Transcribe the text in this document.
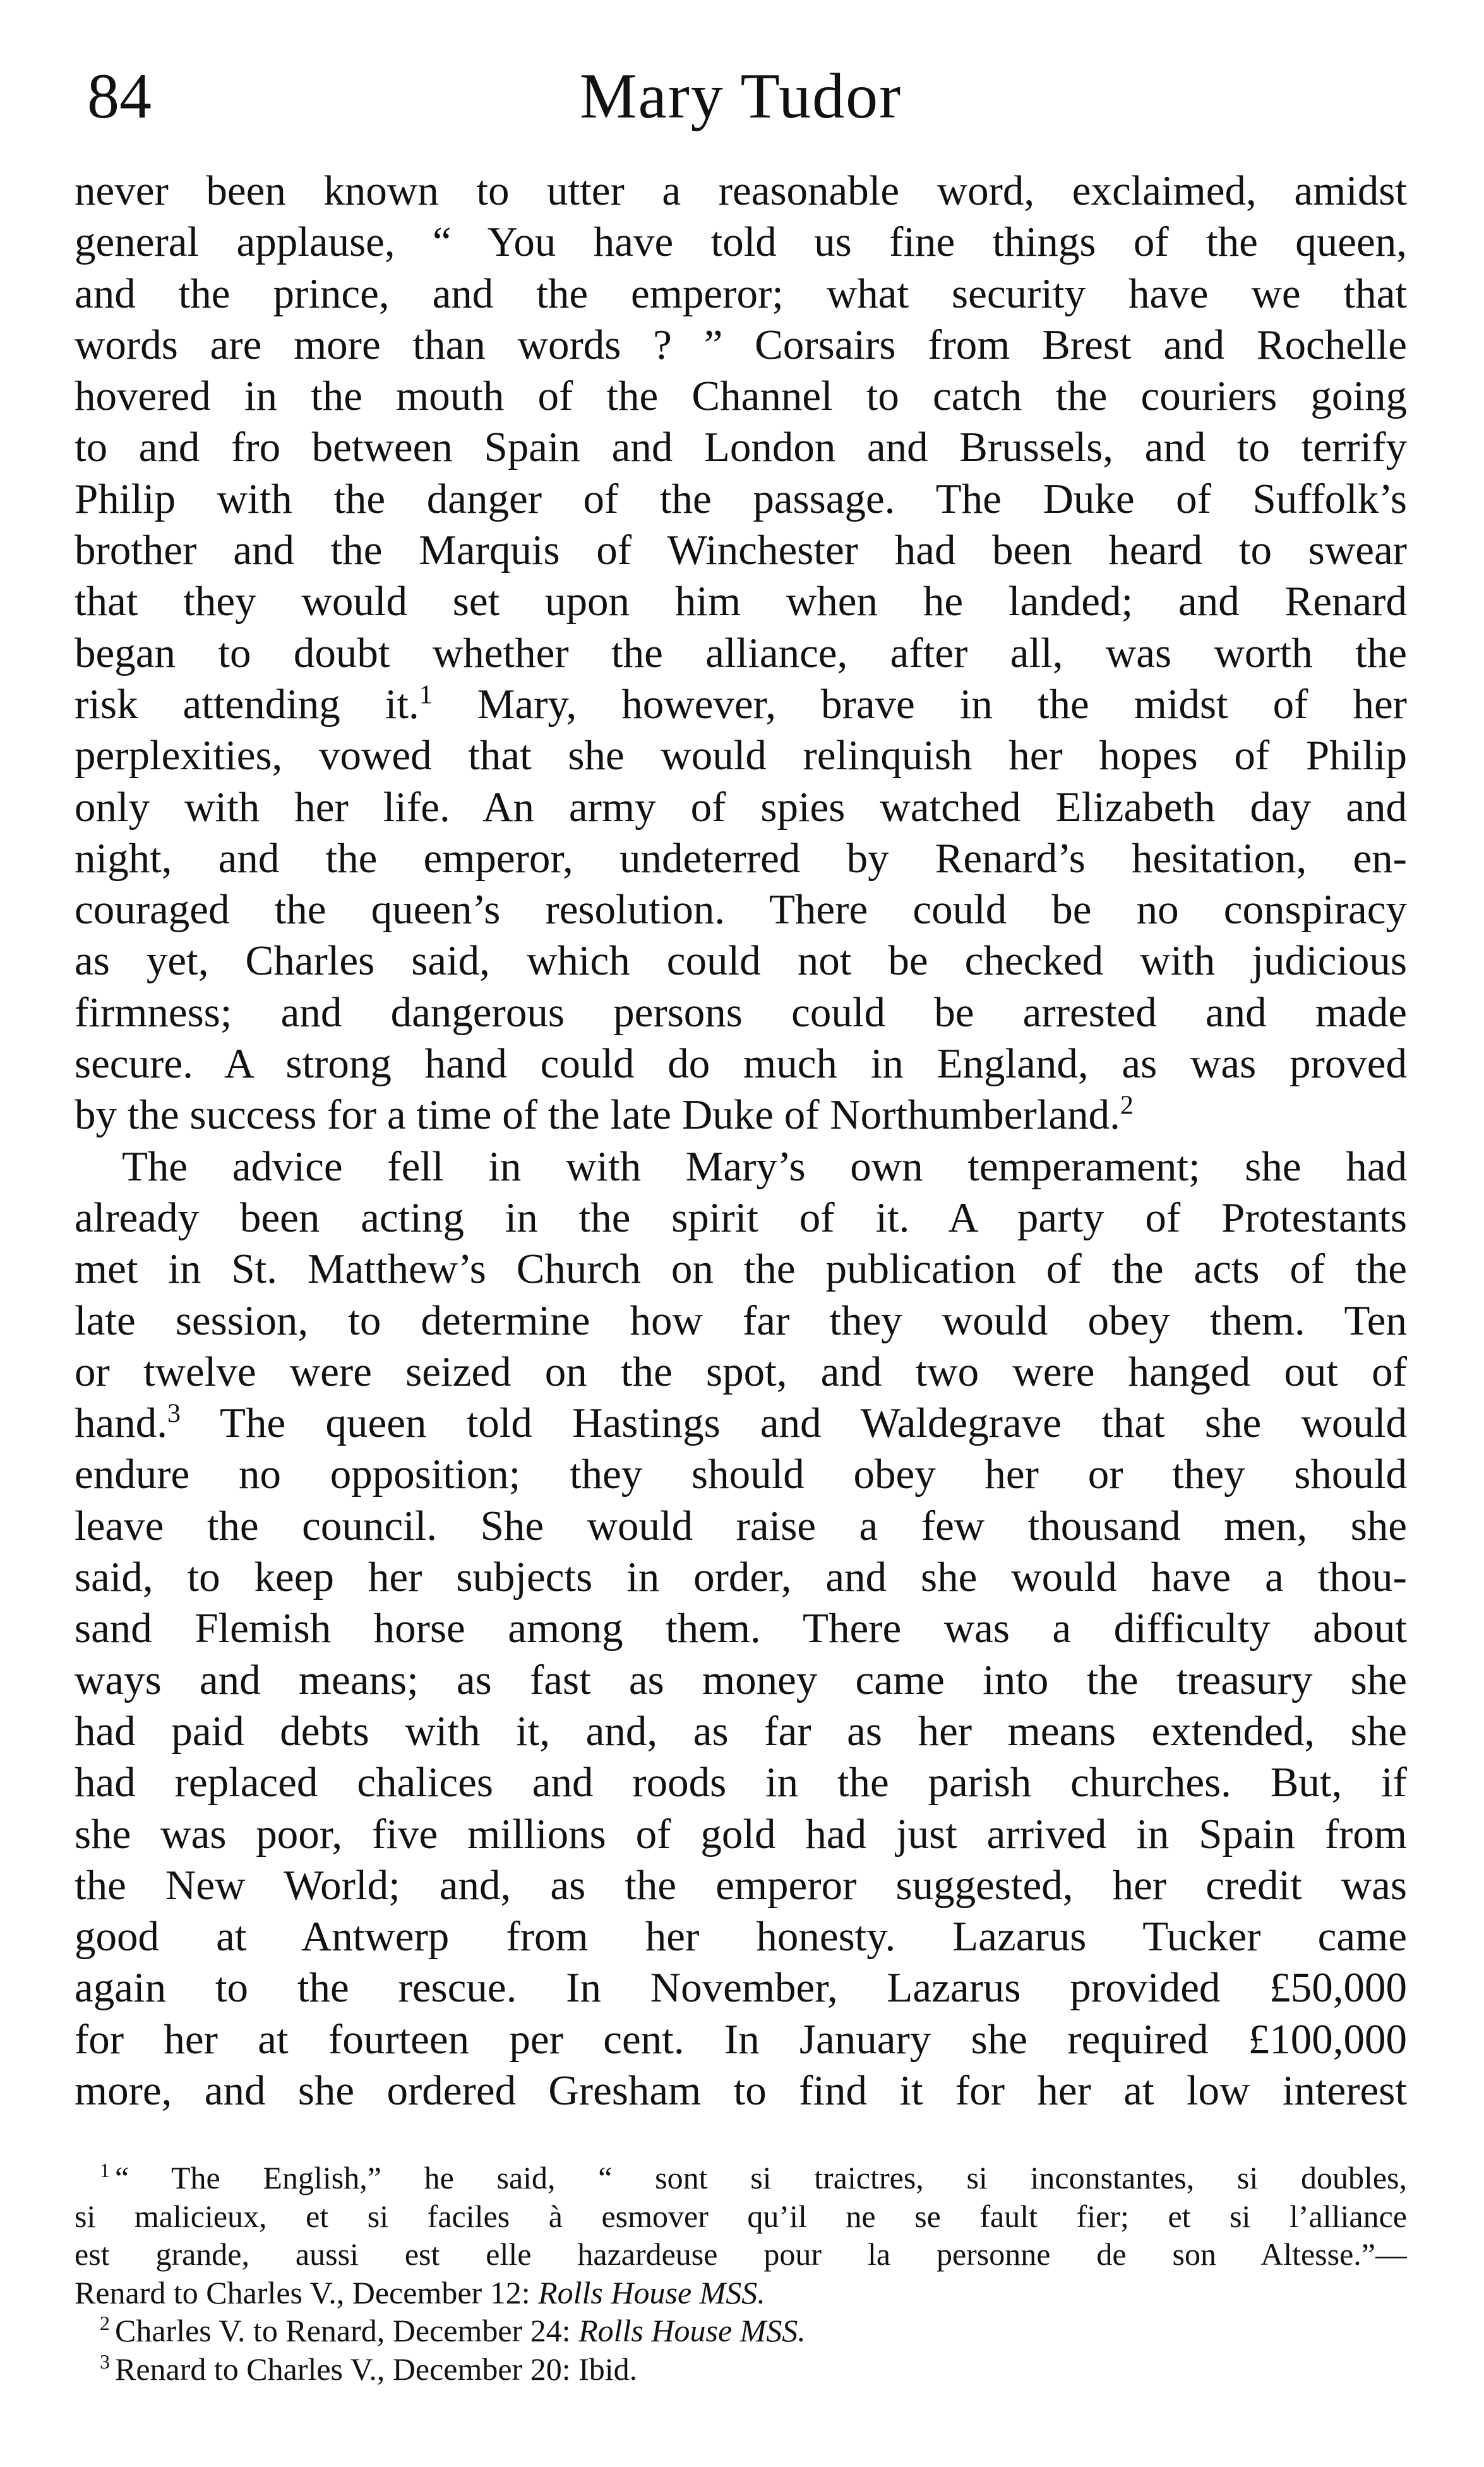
84	Mary Tudor
never been known to utter a reasonable word, exclaimed, amidst
general applause, “ You have told us fine things of the queen,
and the prince, and the emperor; what security have we that
words are more than words ? ” Corsairs from Brest and Rochelle
hovered in the mouth of the Channel to catch the couriers going
to and fro between Spain and London and Brussels, and to terrify
Philip with the danger of the passage. The Duke of Suffolk’s
brother and the Marquis of Winchester had been heard to swear
that they would set upon him when he landed; and Renard
began to doubt whether the alliance, after all, was worth the
risk attending it.$^1$ Mary, however, brave in the midst of her
perplexities, vowed that she would relinquish her hopes of Philip
only with her life. An army of spies watched Elizabeth day and
night, and the emperor, undeterred by Renard’s hesitation, en-
couraged the queen’s resolution. There could be no conspiracy
as yet, Charles said, which could not be checked with judicious
firmness; and dangerous persons could be arrested and made
secure. A strong hand could do much in England, as was proved
by the success for a time of the late Duke of Northumberland.$^2$
The advice fell in with Mary’s own temperament; she had
already been acting in the spirit of it. A party of Protestants
met in St. Matthew’s Church on the publication of the acts of the
late session, to determine how far they would obey them. Ten
or twelve were seized on the spot, and two were hanged out of
hand.$^3$ The queen told Hastings and Waldegrave that she would
endure no opposition; they should obey her or they should
leave the council. She would raise a few thousand men, she
said, to keep her subjects in order, and she would have a thou-
sand Flemish horse among them. There was a difficulty about
ways and means; as fast as money came into the treasury she
had paid debts with it, and, as far as her means extended, she
had replaced chalices and roods in the parish churches. But, if
she was poor, five millions of gold had just arrived in Spain from
the New World; and, as the emperor suggested, her credit was
good at Antwerp from her honesty. Lazarus Tucker came
again to the rescue. In November, Lazarus provided £50,000
for her at fourteen per cent. In January she required £100,000
more, and she ordered Gresham to find it for her at low interest
$^1$ “ The English,” he said, “ sont si traictres, si inconstantes, si doubles,
si malicieux, et si faciles à esmover qu’il ne se fault fier; et si l’alliance
est grande, aussi est elle hazardeuse pour la personne de son Altesse.”—
Renard to Charles V., December 12: Rolls House MSS.
$^2$ Charles V. to Renard, December 24: Rolls House MSS.
$^3$ Renard to Charles V., December 20: Ibid.
